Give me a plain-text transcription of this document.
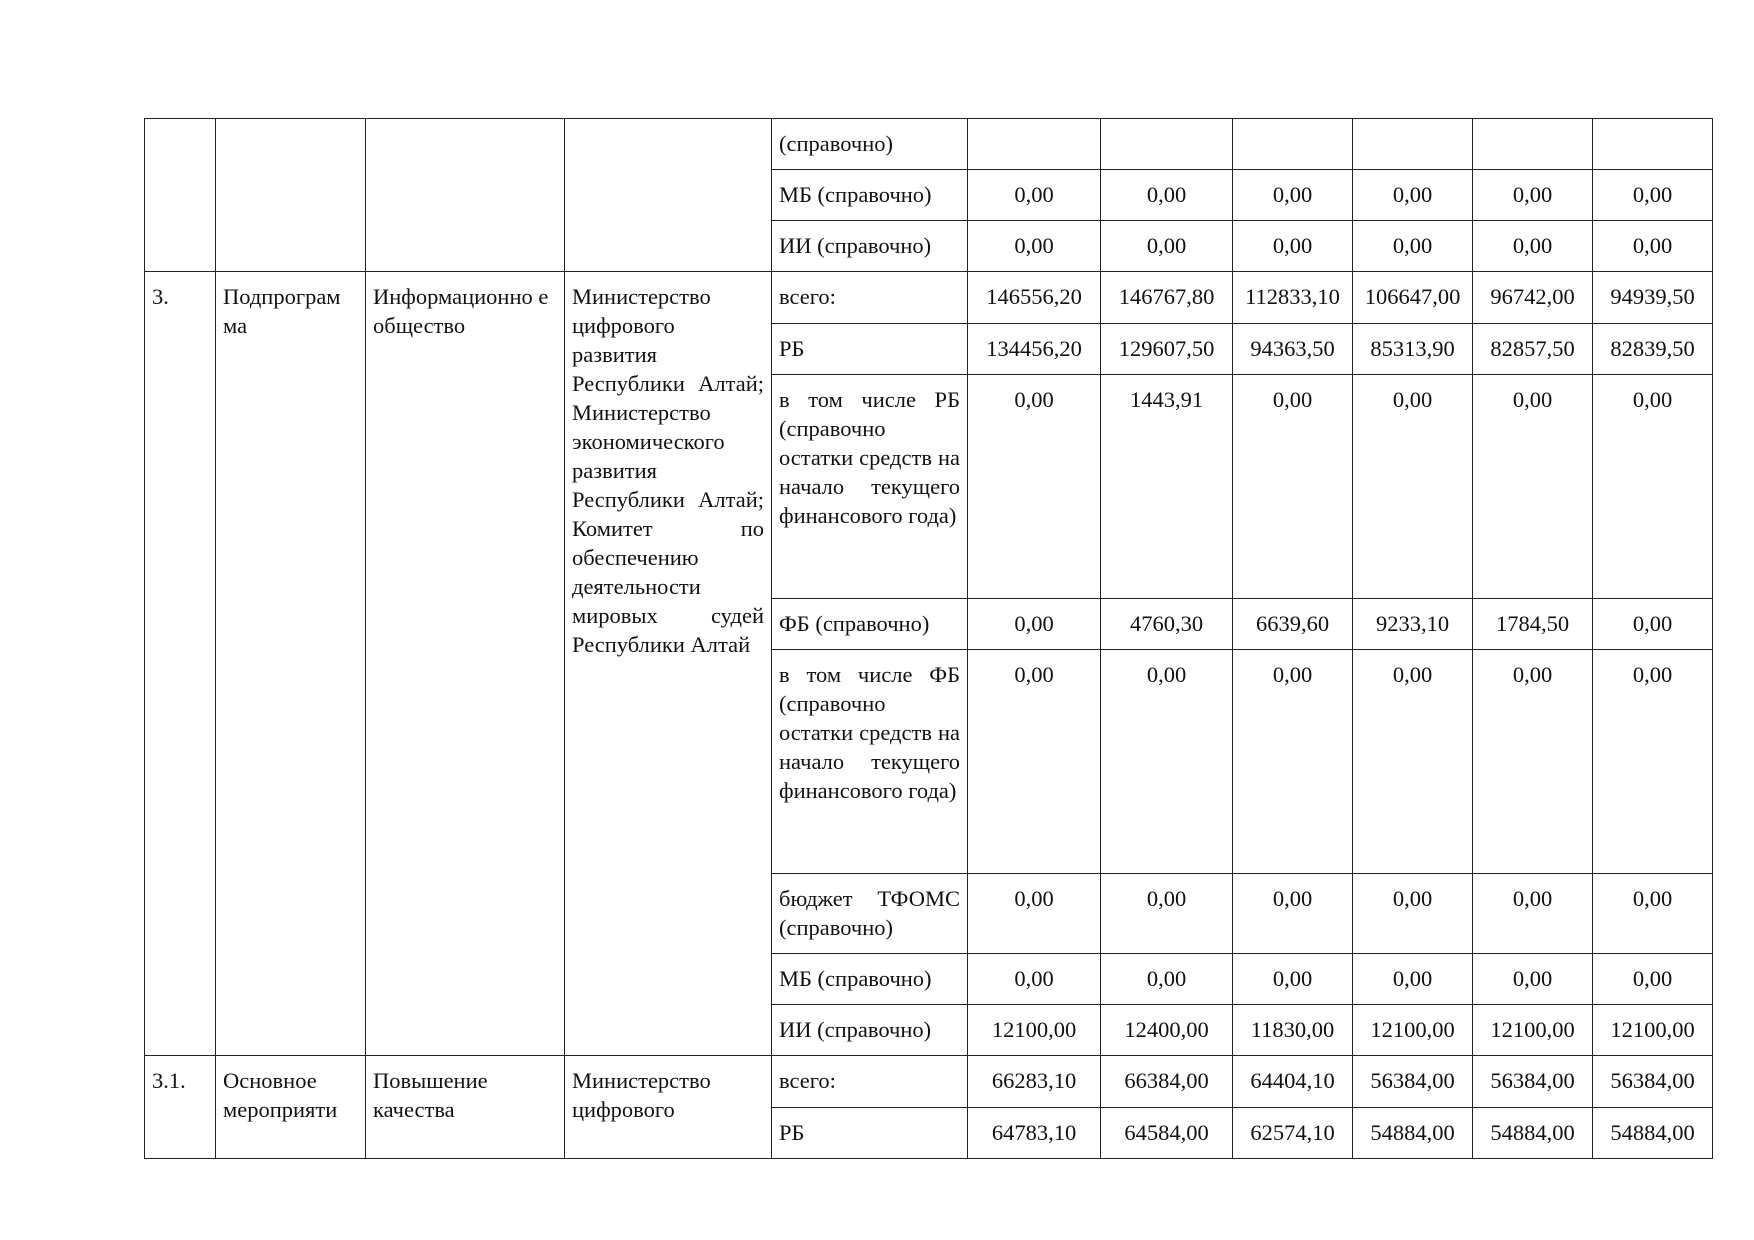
				(справочно)						
				МБ (справочно)	0,00	0,00	0,00	0,00	0,00	0,00
				ИИ (справочно)	0,00	0,00	0,00	0,00	0,00	0,00
3.	Подпрограм ма	Информационно е общество	Министерство цифрового развития Республики Алтай; Министерство экономического развития Республики Алтай; Комитет по обеспечению деятельности мировых судей Республики Алтай	всего:	146556,20	146767,80	112833,10	106647,00	96742,00	94939,50
				РБ	134456,20	129607,50	94363,50	85313,90	82857,50	82839,50
				в том числе РБ (справочно остатки средств на начало текущего финансового года)	0,00	1443,91	0,00	0,00	0,00	0,00
				ФБ (справочно)	0,00	4760,30	6639,60	9233,10	1784,50	0,00
				в том числе ФБ (справочно остатки средств на начало текущего финансового года)	0,00	0,00	0,00	0,00	0,00	0,00
				бюджет ТФОМС (справочно)	0,00	0,00	0,00	0,00	0,00	0,00
				МБ (справочно)	0,00	0,00	0,00	0,00	0,00	0,00
				ИИ (справочно)	12100,00	12400,00	11830,00	12100,00	12100,00	12100,00
3.1.	Основное мероприяти	Повышение качества	Министерство цифрового	всего:	66283,10	66384,00	64404,10	56384,00	56384,00	56384,00
				РБ	64783,10	64584,00	62574,10	54884,00	54884,00	54884,00
